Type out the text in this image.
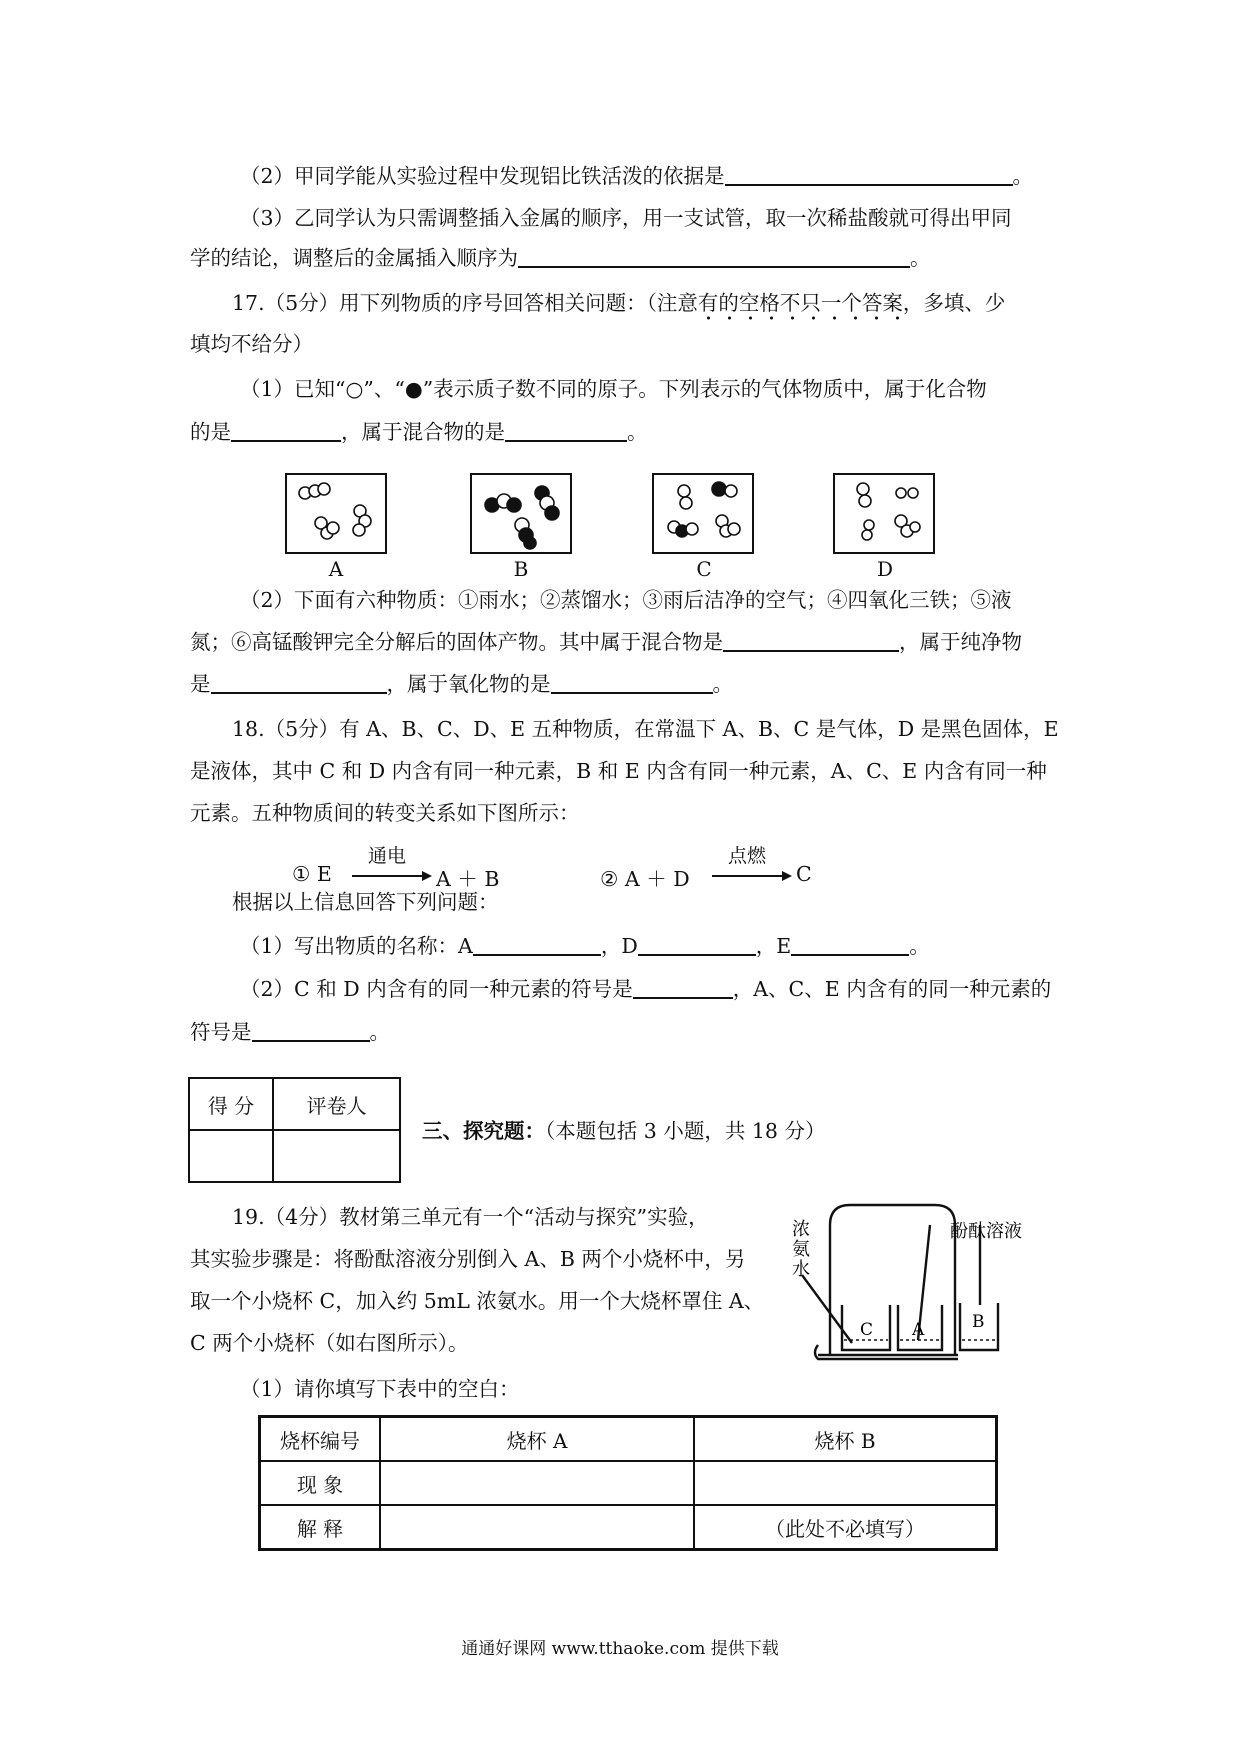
（2）甲同学能从实验过程中发现铝比铁活泼的依据是	。
（3）乙同学认为只需调整插入金属的顺序，用一支试管，取一次稀盐酸就可得出甲同
学的结论，调整后的金属插入顺序为	。
17.（5分）用下列物质的序号回答相关问题：（注意有的空格不只一个答案，多填、少
填均不给分）
（1）已知“○”、“●”表示质子数不同的原子。下列表示的气体物质中，属于化合物
的是	，属于混合物的是	。
A	B	C	D
（2）下面有六种物质：①雨水；②蒸馏水；③雨后洁净的空气；④四氧化三铁；⑤液
氮；⑥高锰酸钾完全分解后的固体产物。其中属于混合物是	，属于纯净物
是	，属于氧化物的是	。
18.（5分）有 A、B、C、D、E 五种物质，在常温下 A、B、C 是气体，D 是黑色固体，E
是液体，其中 C 和 D 内含有同一种元素，B 和 E 内含有同一种元素，A、C、E 内含有同一种
元素。五种物质间的转变关系如下图所示：
① E
通电
A ＋ B	② A ＋ D
点燃
C
根据以上信息回答下列问题：
（1）写出物质的名称：A	，D	，E	。
（2）C 和 D 内含有的同一种元素的符号是	，A、C、E 内含有的同一种元素的
符号是	。
得 分	评卷人

三、探究题：（本题包括 3 小题，共 18 分）
19.（4分）教材第三单元有一个“活动与探究”实验，
其实验步骤是：将酚酞溶液分别倒入 A、B 两个小烧杯中，另
取一个小烧杯 C，加入约 5mL 浓氨水。用一个大烧杯罩住 A、
C 两个小烧杯（如右图所示）。
C A	B
浓
氨
水
酚酞溶液
（1）请你填写下表中的空白：
烧杯编号	烧杯 A	烧杯 B
现 象		
解 释		（此处不必填写）
通通好课网 www.tthaoke.com 提供下载
